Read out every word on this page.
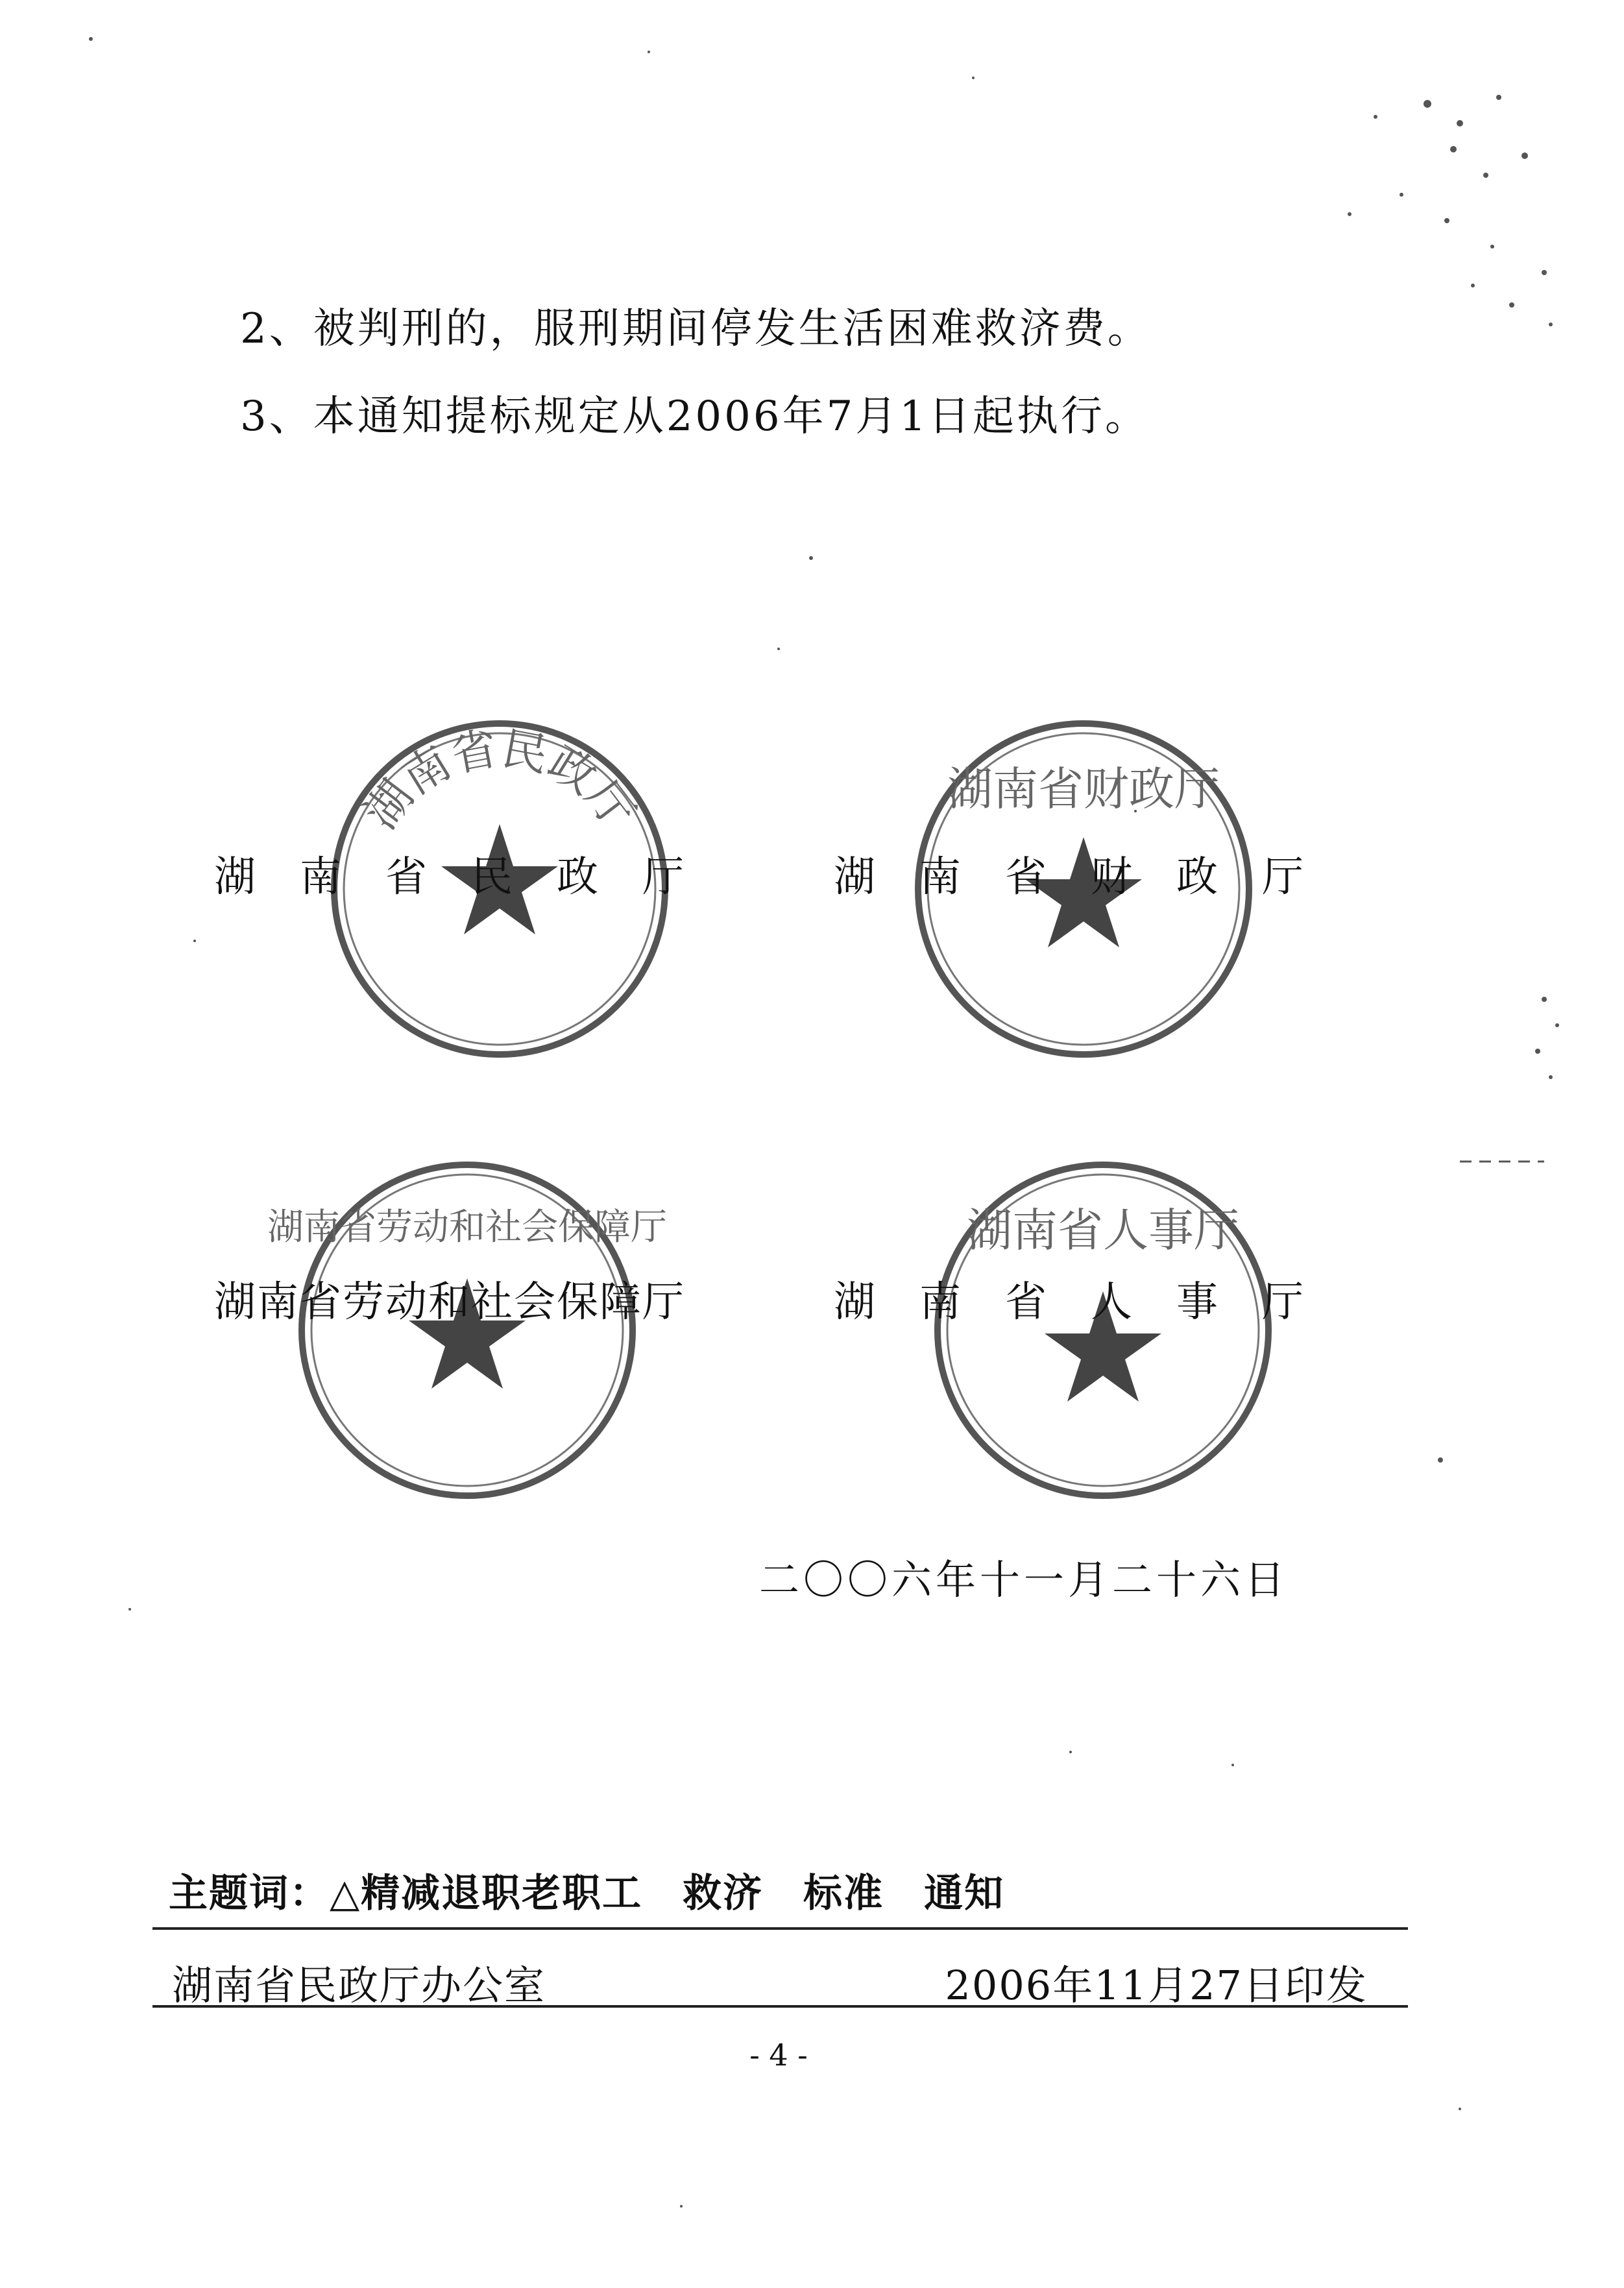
2、被判刑的，服刑期间停发生活困难救济费。
3、本通知提标规定从2006年7月1日起执行。
湖南省民政厅	湖南省财政厅
湖南省劳动和社会保障厅	湖南省人事厅
湖　南　省　民　政　厅	湖　南　省　财　政　厅
湖南省劳动和社会保障厅	湖　南　省　人　事　厅
二〇〇六年十一月二十六日
主题词：△精减退职老职工　救济　标准　通知
湖南省民政厅办公室	2006年11月27日印发
- 4 -
